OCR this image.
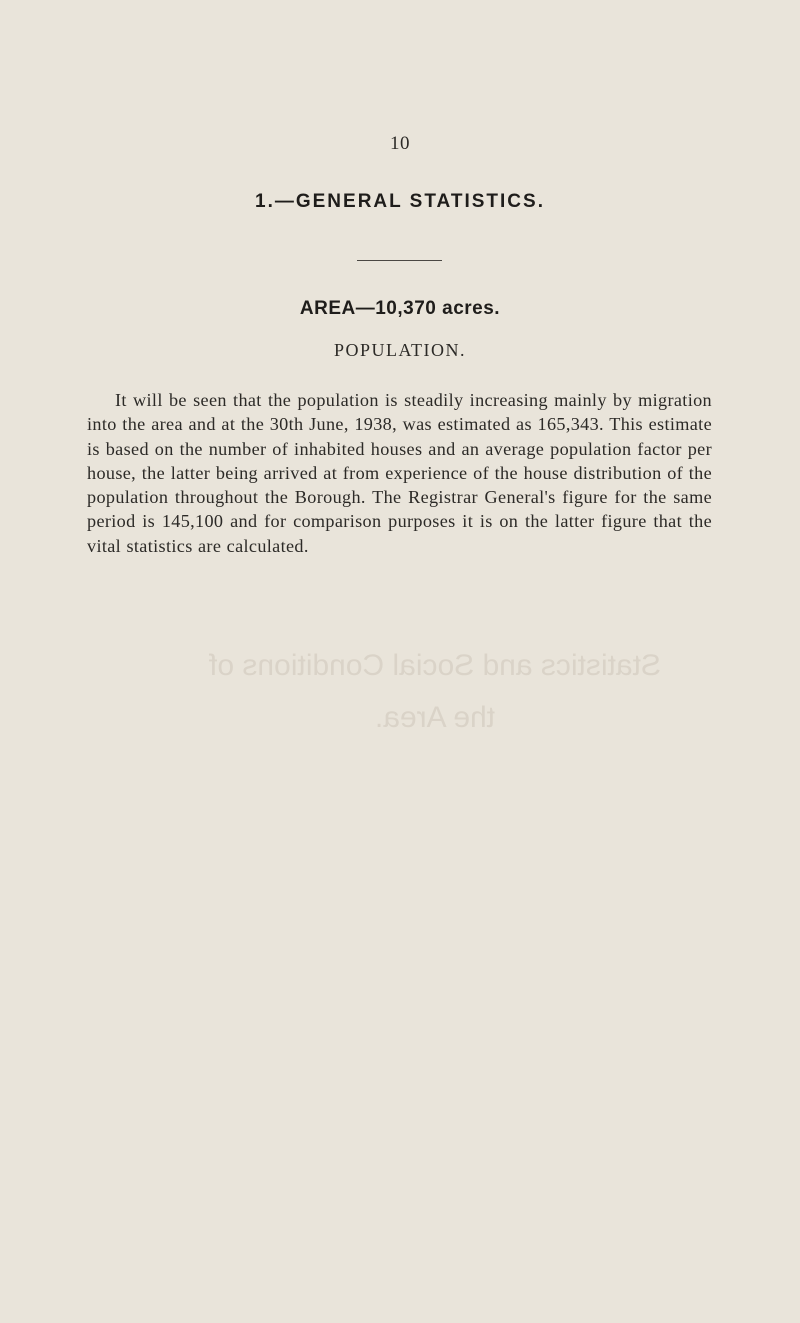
10
1.—GENERAL STATISTICS.
AREA—10,370 acres.
POPULATION.

It will be seen that the population is steadily increasing mainly by migration into the area and at the 30th June, 1938, was estimated as 165,343. This estimate is based on the number of inhabited houses and an average population factor per house, the latter being arrived at from experience of the house distribution of the population throughout the Borough. The Registrar General's figure for the same period is 145,100 and for comparison purposes it is on the latter figure that the vital statistics are calculated.

Statistics and Social Conditions of
the Area.
